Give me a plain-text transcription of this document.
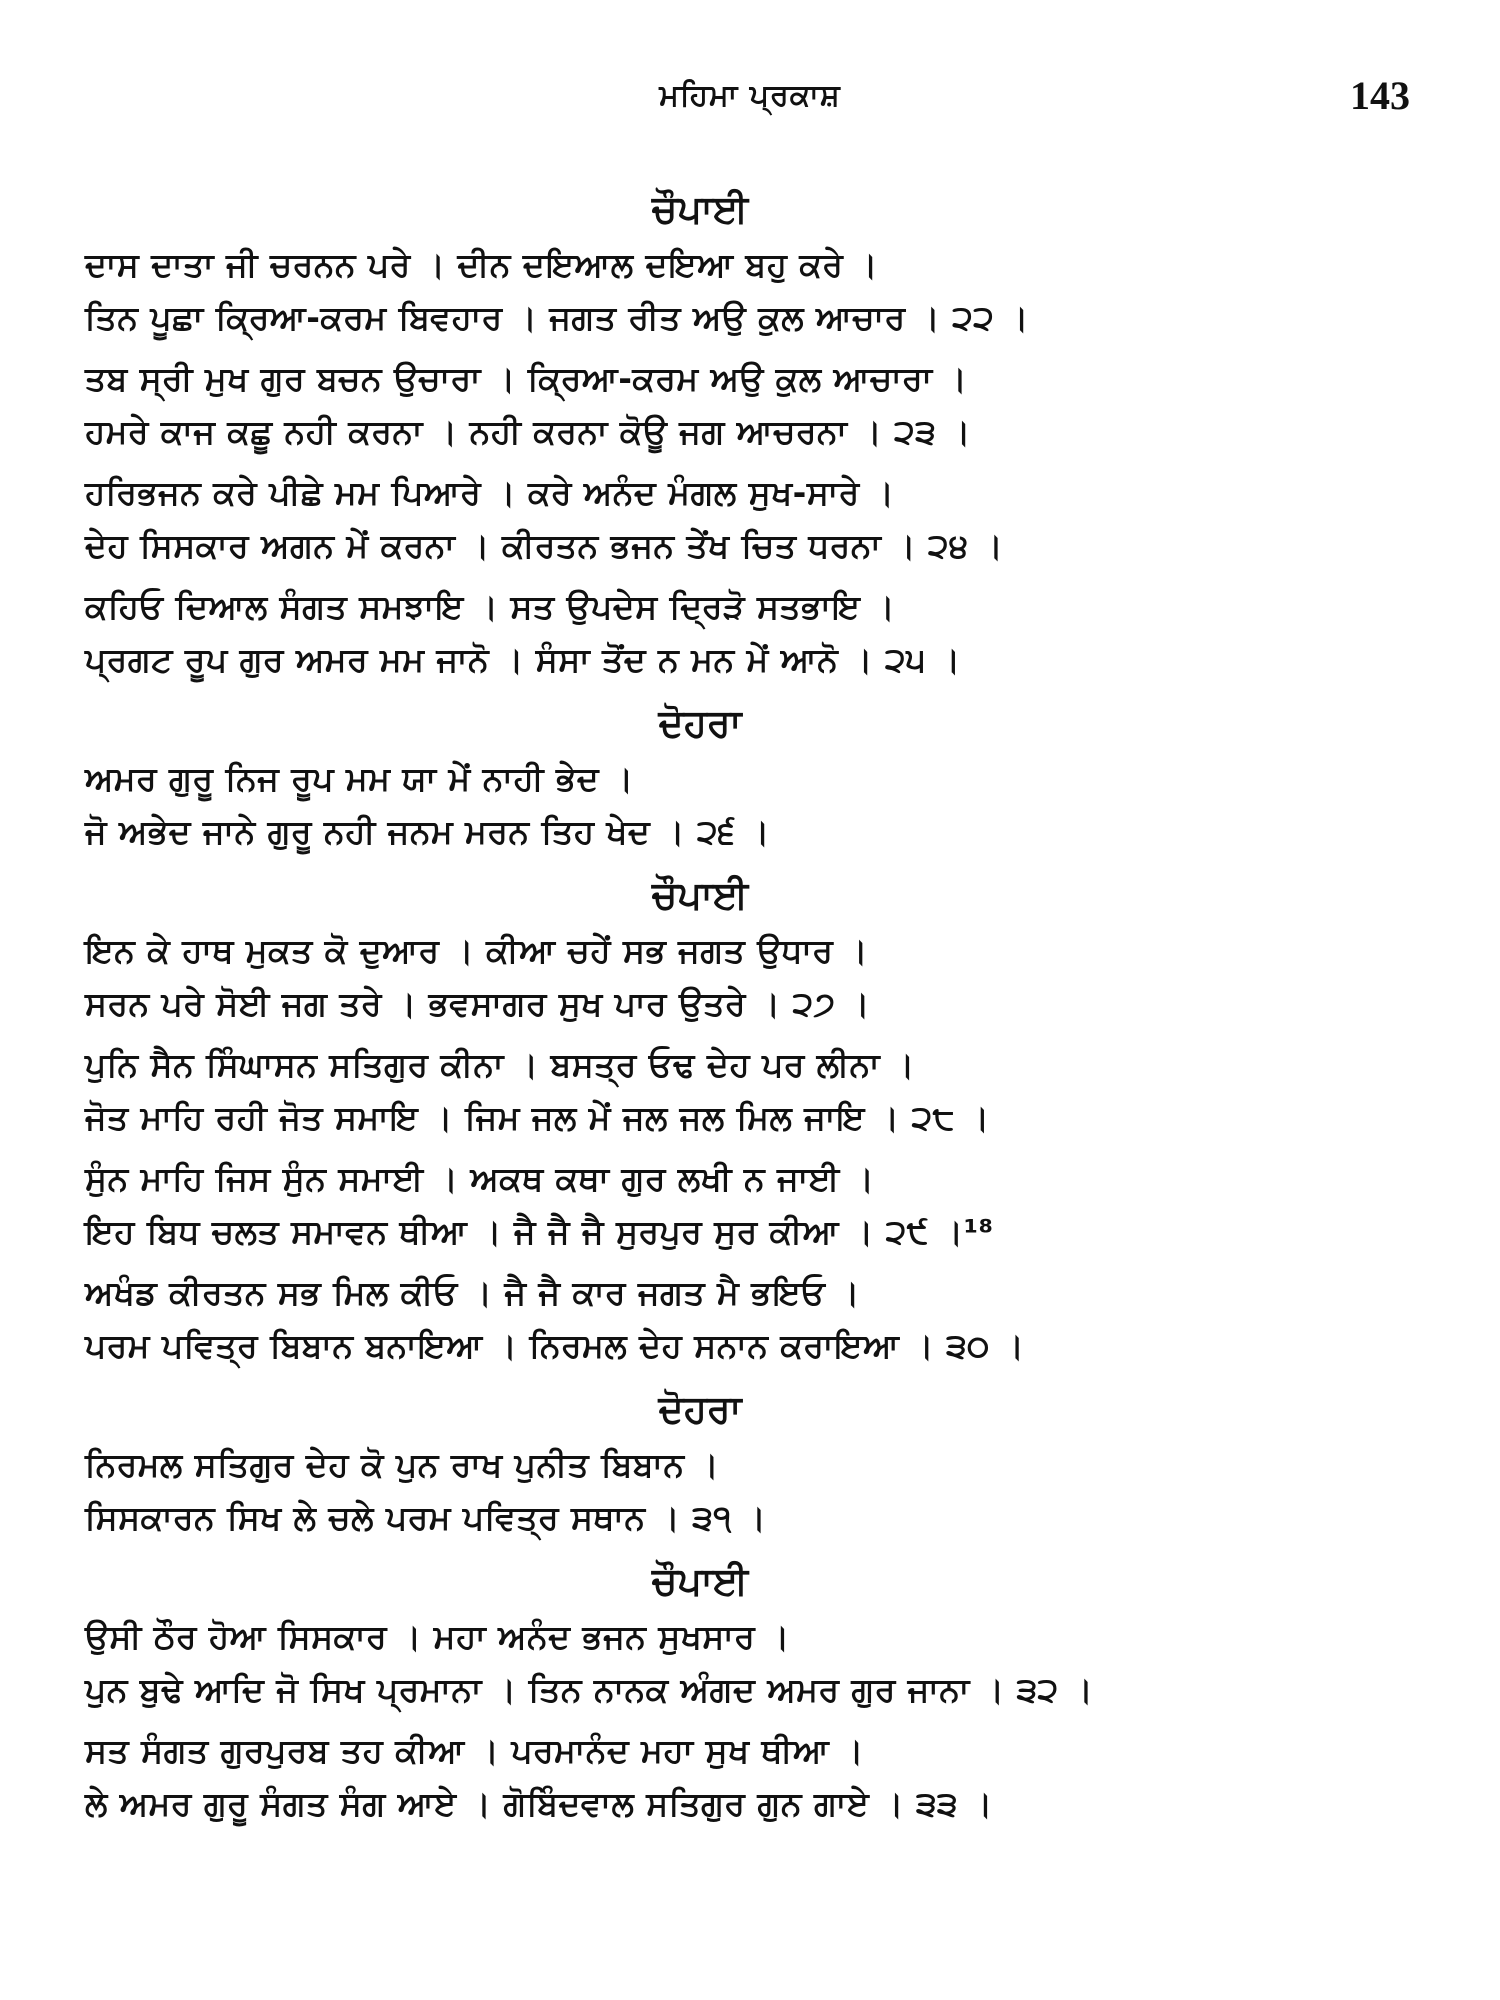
ਮਹਿਮਾ ਪ੍ਰਕਾਸ਼	143
ਚੌਪਾਈ

ਦਾਸ ਦਾਤਾ ਜੀ ਚਰਨਨ ਪਰੇ । ਦੀਨ ਦਇਆਲ ਦਇਆ ਬਹੁ ਕਰੇ ।

ਤਿਨ ਪੂਛਾ ਕ੍ਰਿਆ-ਕਰਮ ਬਿਵਹਾਰ । ਜਗਤ ਰੀਤ ਅਉ ਕੁਲ ਆਚਾਰ । ੨੨ ।

ਤਬ ਸ੍ਰੀ ਮੁਖ ਗੁਰ ਬਚਨ ਉਚਾਰਾ । ਕ੍ਰਿਆ-ਕਰਮ ਅਉ ਕੁਲ ਆਚਾਰਾ ।

ਹਮਰੇ ਕਾਜ ਕਛੂ ਨਹੀ ਕਰਨਾ । ਨਹੀ ਕਰਨਾ ਕੋਊ ਜਗ ਆਚਰਨਾ । ੨੩ ।

ਹਰਿਭਜਨ ਕਰੇ ਪੀਛੇ ਮਮ ਪਿਆਰੇ । ਕਰੇ ਅਨੰਦ ਮੰਗਲ ਸੁਖ-ਸਾਰੇ ।

ਦੇਹ ਸਿਸਕਾਰ ਅਗਨ ਮੇਂ ਕਰਨਾ । ਕੀਰਤਨ ਭਜਨ ਤੇਂਖ ਚਿਤ ਧਰਨਾ । ੨੪ ।

ਕਹਿਓ ਦਿਆਲ ਸੰਗਤ ਸਮਝਾਇ । ਸਤ ਉਪਦੇਸ ਦ੍ਰਿੜੋ ਸਤਭਾਇ ।

ਪ੍ਰਗਟ ਰੂਪ ਗੁਰ ਅਮਰ ਮਮ ਜਾਨੋ । ਸੰਸਾ ਤੋਂਦ ਨ ਮਨ ਮੇਂ ਆਨੋ । ੨੫ ।

ਦੋਹਰਾ

ਅਮਰ ਗੁਰੂ ਨਿਜ ਰੂਪ ਮਮ ਯਾ ਮੇਂ ਨਾਹੀ ਭੇਦ ।

ਜੋ ਅਭੇਦ ਜਾਨੇ ਗੁਰੂ ਨਹੀ ਜਨਮ ਮਰਨ ਤਿਹ ਖੇਦ । ੨੬ ।

ਚੌਪਾਈ

ਇਨ ਕੇ ਹਾਥ ਮੁਕਤ ਕੋ ਦੁਆਰ । ਕੀਆ ਚਹੇਂ ਸਭ ਜਗਤ ਉਧਾਰ ।

ਸਰਨ ਪਰੇ ਸੋਈ ਜਗ ਤਰੇ । ਭਵਸਾਗਰ ਸੁਖ ਪਾਰ ਉਤਰੇ । ੨੭ ।

ਪੁਨਿ ਸੈਨ ਸਿੰਘਾਸਨ ਸਤਿਗੁਰ ਕੀਨਾ । ਬਸਤ੍ਰ ਓਢ ਦੇਹ ਪਰ ਲੀਨਾ ।

ਜੋਤ ਮਾਹਿ ਰਹੀ ਜੋਤ ਸਮਾਇ । ਜਿਮ ਜਲ ਮੇਂ ਜਲ ਜਲ ਮਿਲ ਜਾਇ । ੨੮ ।

ਸੁੰਨ ਮਾਹਿ ਜਿਸ ਸੁੰਨ ਸਮਾਈ । ਅਕਥ ਕਥਾ ਗੁਰ ਲਖੀ ਨ ਜਾਈ ।

ਇਹ ਬਿਧ ਚਲਤ ਸਮਾਵਨ ਥੀਆ । ਜੈ ਜੈ ਜੈ ਸੁਰਪੁਰ ਸੁਰ ਕੀਆ । ੨੯ ।¹⁸

ਅਖੰਡ ਕੀਰਤਨ ਸਭ ਮਿਲ ਕੀਓ । ਜੈ ਜੈ ਕਾਰ ਜਗਤ ਮੈ ਭਇਓ ।

ਪਰਮ ਪਵਿਤ੍ਰ ਬਿਬਾਨ ਬਨਾਇਆ । ਨਿਰਮਲ ਦੇਹ ਸਨਾਨ ਕਰਾਇਆ । ੩੦ ।

ਦੋਹਰਾ

ਨਿਰਮਲ ਸਤਿਗੁਰ ਦੇਹ ਕੋ ਪੁਨ ਰਾਖ ਪੁਨੀਤ ਬਿਬਾਨ ।

ਸਿਸਕਾਰਨ ਸਿਖ ਲੇ ਚਲੇ ਪਰਮ ਪਵਿਤ੍ਰ ਸਥਾਨ । ੩੧ ।

ਚੌਪਾਈ

ਉਸੀ ਠੌਰ ਹੋਆ ਸਿਸਕਾਰ । ਮਹਾ ਅਨੰਦ ਭਜਨ ਸੁਖਸਾਰ ।

ਪੁਨ ਬੁਢੇ ਆਦਿ ਜੋ ਸਿਖ ਪ੍ਰਮਾਨਾ । ਤਿਨ ਨਾਨਕ ਅੰਗਦ ਅਮਰ ਗੁਰ ਜਾਨਾ । ੩੨ ।

ਸਤ ਸੰਗਤ ਗੁਰਪੁਰਬ ਤਹ ਕੀਆ । ਪਰਮਾਨੰਦ ਮਹਾ ਸੁਖ ਥੀਆ ।

ਲੇ ਅਮਰ ਗੁਰੂ ਸੰਗਤ ਸੰਗ ਆਏ । ਗੋਬਿੰਦਵਾਲ ਸਤਿਗੁਰ ਗੁਨ ਗਾਏ । ੩੩ ।
